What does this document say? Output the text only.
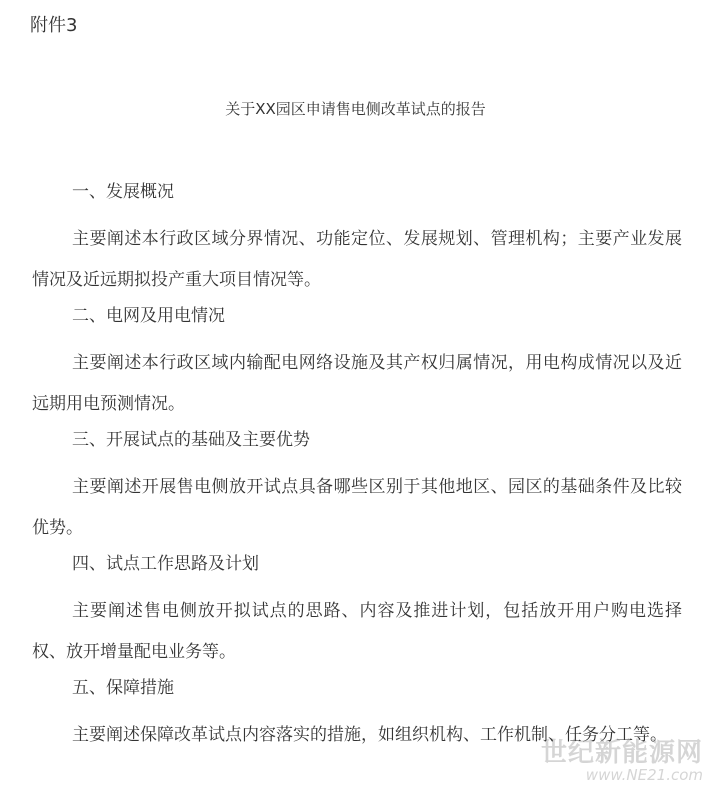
附件3
关于XX园区申请售电侧改革试点的报告
一、发展概况

主要阐述本行政区域分界情况、功能定位、发展规划、管理机构；主要产业发展情况及近远期拟投产重大项目情况等。

二、电网及用电情况

主要阐述本行政区域内输配电网络设施及其产权归属情况，用电构成情况以及近远期用电预测情况。

三、开展试点的基础及主要优势

主要阐述开展售电侧放开试点具备哪些区别于其他地区、园区的基础条件及比较优势。

四、试点工作思路及计划

主要阐述售电侧放开拟试点的思路、内容及推进计划，包括放开用户购电选择权、放开增量配电业务等。

五、保障措施

主要阐述保障改革试点内容落实的措施，如组织机构、工作机制、任务分工等。

世纪新能源网
www.NE21.com
